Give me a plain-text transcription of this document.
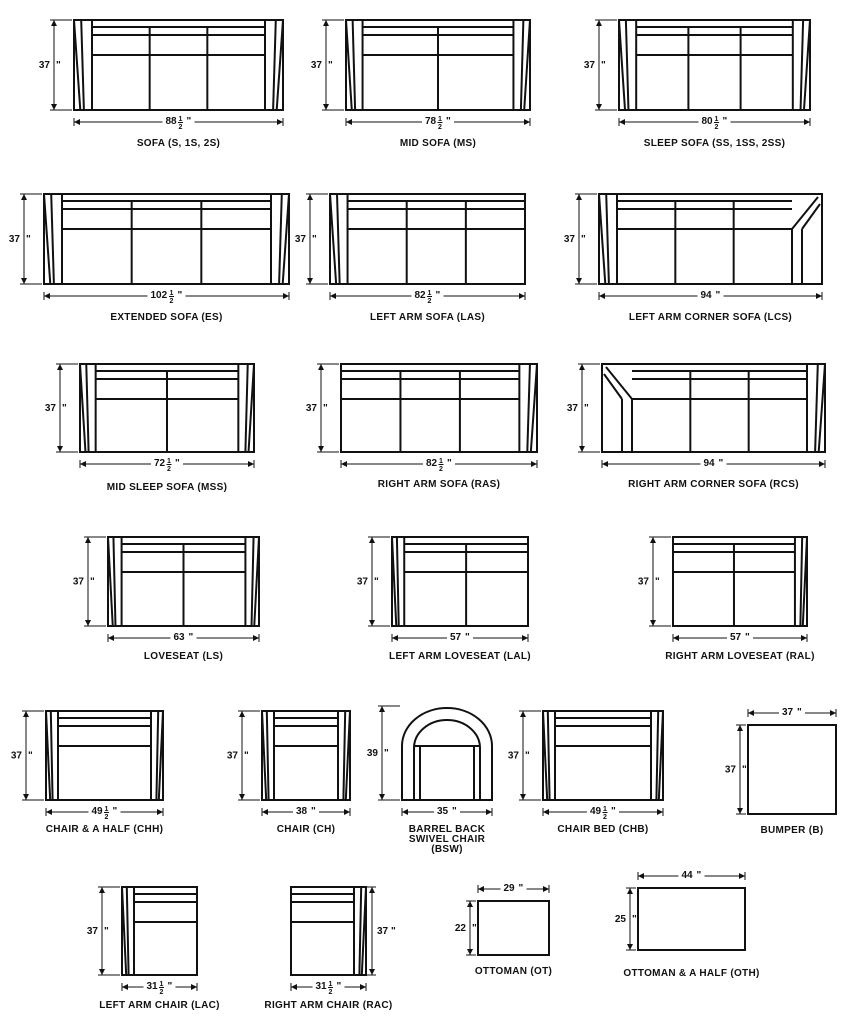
37 "
88 1
2
"
SOFA (S, 1S, 2S)
37 "
78 1
2
"
MID SOFA (MS)
37 "
80 1
2
"
SLEEP SOFA (SS, 1SS, 2SS)
37 "
102 1
2
"
EXTENDED SOFA (ES)
37 "
82 1
2
"
LEFT ARM SOFA (LAS)
37 "
94 "
LEFT ARM CORNER SOFA (LCS)
37 "
72 1
2
"
MID SLEEP SOFA (MSS)
37 "
82 1
2
"
RIGHT ARM SOFA (RAS)
37 "
94 "
RIGHT ARM CORNER SOFA (RCS)
37 "
63 "
LOVESEAT (LS)
37 "
57 "
LEFT ARM LOVESEAT (LAL)
37 "
57 "
RIGHT ARM LOVESEAT (RAL)
37 "
49 1
2
"
CHAIR & A HALF (CHH)
37 "
38 "
CHAIR (CH)
39 "
35 "
BARREL BACK
SWIVEL CHAIR
(BSW)
37 "
49 1
2
"
CHAIR BED (CHB)
37 "
37 "
BUMPER (B)
37 "
31 1
2
"
LEFT ARM CHAIR (LAC)
37 "
31 1
2
"
RIGHT ARM CHAIR (RAC)
22 "
29 "
OTTOMAN (OT)
25 "
44 "
OTTOMAN & A HALF (OTH)
